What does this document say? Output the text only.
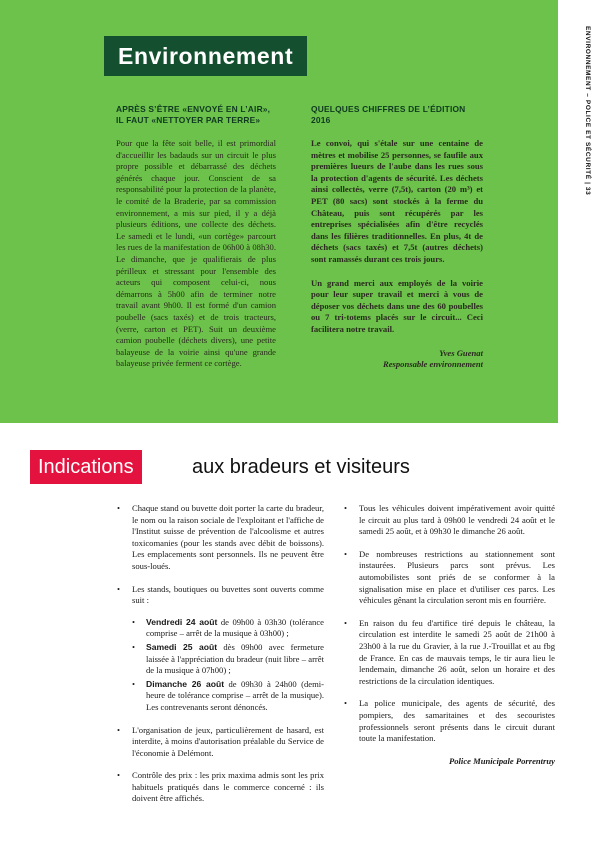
ENVIRONNEMENT – POLICE ET SÉCURITÉ | 33
Environnement

APRÈS S’ÊTRE «ENVOYÉ EN L’AIR», IL FAUT «NETTOYER PAR TERRE»

Pour que la fête soit belle, il est primordial d'accueillir les badauds sur un circuit le plus propre possible et débarrassé des déchets générés chaque jour. Conscient de sa responsabilité pour la protection de la planète, le comité de la Braderie, par sa commission environnement, a mis sur pied, il y a déjà plusieurs éditions, une collecte des déchets. Le samedi et le lundi, «un cortège» parcourt les rues de la manifestation de 06h00 à 08h30. Le dimanche, que je qualifierais de plus périlleux et stressant pour l'ensemble des acteurs qui composent celui-ci, nous démarrons à 5h00 afin de terminer notre travail avant 9h00. Il est formé d'un camion poubelle (sacs taxés) et de trois tracteurs, (verre, carton et PET). Suit un deuxième camion poubelle (déchets divers), une petite balayeuse de la voirie ainsi qu'une grande balayeuse privée ferment ce cortège.

QUELQUES CHIFFRES DE L’ÉDITION 2016

Le convoi, qui s'étale sur une centaine de mètres et mobilise 25 personnes, se faufile aux premières lueurs de l'aube dans les rues sous la protection d'agents de sécurité. Les déchets ainsi collectés, verre (7,5t), carton (20 m³) et PET (80 sacs) sont stockés à la ferme du Château, puis sont récupérés par les entreprises spécialisées afin d'être recyclés dans les filières traditionnelles. En plus, 4t de déchets (sacs taxés) et 7,5t (autres déchets) sont ramassés durant ces trois jours.

Un grand merci aux employés de la voirie pour leur super travail et merci à vous de déposer vos déchets dans une des 60 poubelles ou 7 tri-totems placés sur le circuit... Ceci facilitera notre travail.

Yves Guenat

Responsable environnement

Indications	aux bradeurs et visiteurs
• Chaque stand ou buvette doit porter la carte du bradeur, le nom ou la raison sociale de l'exploitant et l'affiche de l'Institut suisse de prévention de l'alcoolisme et autres toxicomanies (pour les stands avec débit de boissons). Les emplacements sont personnels. Ils ne peuvent être sous-loués.
• Les stands, boutiques ou buvettes sont ouverts comme suit :
• Vendredi 24 août de 09h00 à 03h30 (tolérance comprise – arrêt de la musique à 03h00) ;
• Samedi 25 août dès 09h00 avec fermeture laissée à l'appréciation du bradeur (nuit libre – arrêt de la musique à 07h00) ;
• Dimanche 26 août de 09h30 à 24h00 (demi-heure de tolérance comprise – arrêt de la musique). Les contrevenants seront dénoncés.
• L'organisation de jeux, particulièrement de hasard, est interdite, à moins d'autorisation préalable du Service de l'économie à Delémont.
• Contrôle des prix : les prix maxima admis sont les prix habituels pratiqués dans le commerce concerné : ils doivent être affichés.
• Tous les véhicules doivent impérativement avoir quitté le circuit au plus tard à 09h00 le vendredi 24 août et le samedi 25 août, et à 09h30 le dimanche 26 août.
• De nombreuses restrictions au stationnement sont instaurées. Plusieurs parcs sont prévus. Les automobilistes sont priés de se conformer à la signalisation mise en place et d'utiliser ces parcs. Les véhicules gênant la circulation seront mis en fourrière.
• En raison du feu d'artifice tiré depuis le château, la circulation est interdite le samedi 25 août de 21h00 à 23h00 à la rue du Gravier, à la rue J.-Trouillat et au fbg de France. En cas de mauvais temps, le tir aura lieu le lendemain, dimanche 26 août, selon un horaire et des restrictions de la circulation identiques.
• La police municipale, des agents de sécurité, des pompiers, des samaritaines et des secouristes professionnels seront présents dans le circuit durant toute la manifestation.
Police Municipale Porrentruy
